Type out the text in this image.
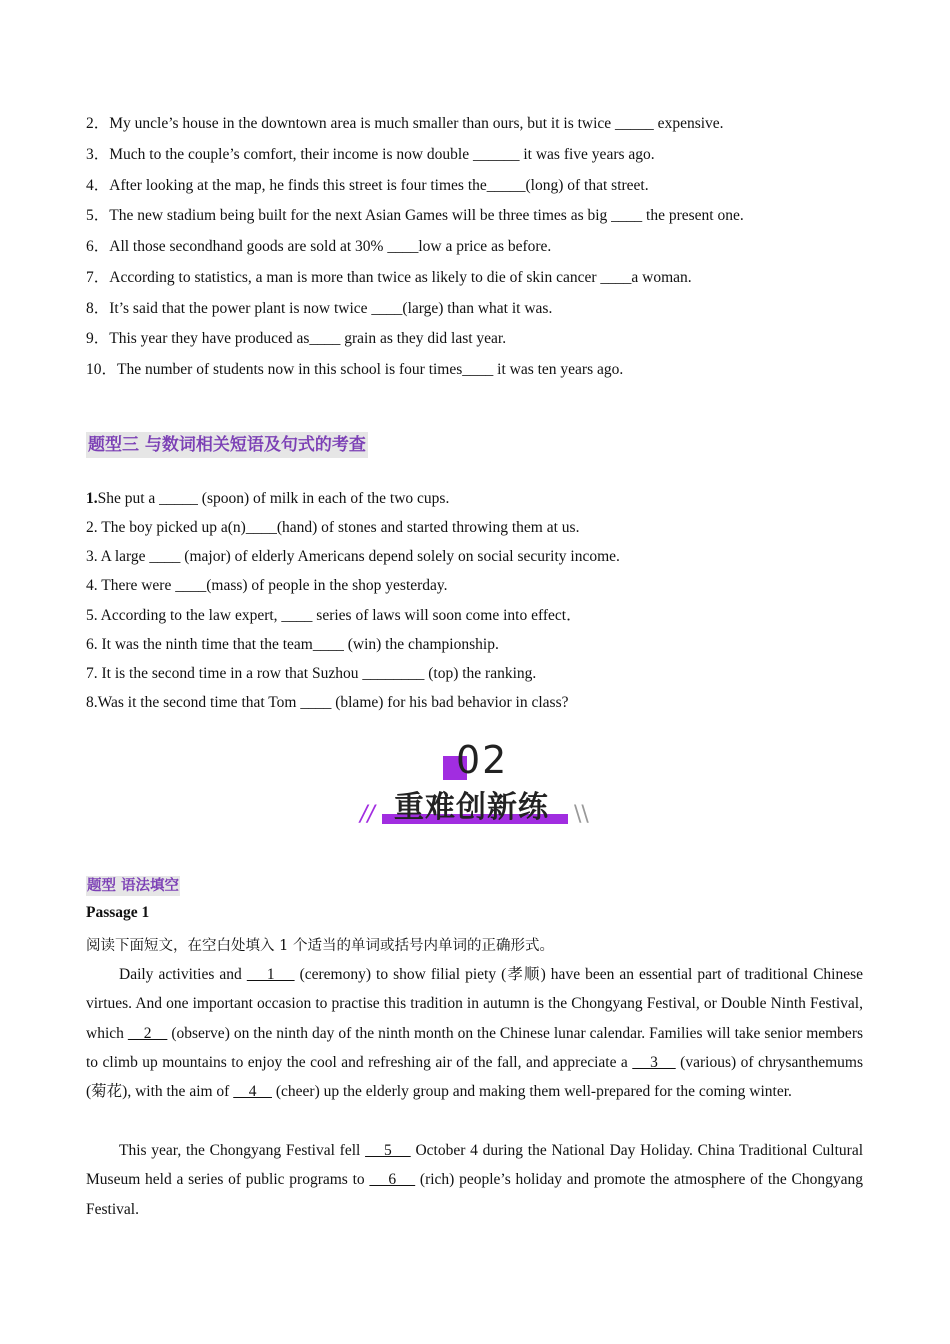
2．My uncle’s house in the downtown area is much smaller than ours, but it is twice _____ expensive.
3．Much to the couple’s comfort, their income is now double ______ it was five years ago.
4．After looking at the map, he finds this street is four times the_____(long) of that street.
5．The new stadium being built for the next Asian Games will be three times as big ____ the present one.
6．All those secondhand goods are sold at 30% ____low a price as before.
7．According to statistics, a man is more than twice as likely to die of skin cancer ____a woman.
8．It’s said that the power plant is now twice ____(large) than what it was.
9．This year they have produced as____ grain as they did last year.
10．The number of students now in this school is four times____ it was ten years ago.
题型三 与数词相关短语及句式的考查
1.She put a _____ (spoon) of milk in each of the two cups.
2. The boy picked up a(n)____(hand) of stones and started throwing them at us.
3. A large ____ (major) of elderly Americans depend solely on social security income.
4. There were ____(mass) of people in the shop yesterday.
5. According to the law expert, ____ series of laws will soon come into effect．
6. It was the ninth time that the team____ (win) the championship.
7. It is the second time in a row that Suzhou ________ (top) the ranking.
8.Was it the second time that Tom ____ (blame) for his bad behavior in class?
02
重难创新练
//	\\
题型 语法填空
Passage 1
阅读下面短文，在空白处填入 1 个适当的单词或括号内单词的正确形式。
Daily activities and     1     (ceremony) to show filial piety (孝顺) have been an essential part of traditional Chinese virtues. And one important occasion to practise this tradition in autumn is the Chongyang Festival, or Double Ninth Festival, which     2     (observe) on the ninth day of the ninth month on the Chinese lunar calendar. Families will take senior members to climb up mountains to enjoy the cool and refreshing air of the fall, and appreciate a     3     (various) of chrysanthemums (菊花), with the aim of     4     (cheer) up the elderly group and making them well-prepared for the coming winter.
This year, the Chongyang Festival fell     5     October 4 during the National Day Holiday. China Traditional Cultural Museum held a series of public programs to     6     (rich) people’s holiday and promote the atmosphere of the Chongyang Festival.
